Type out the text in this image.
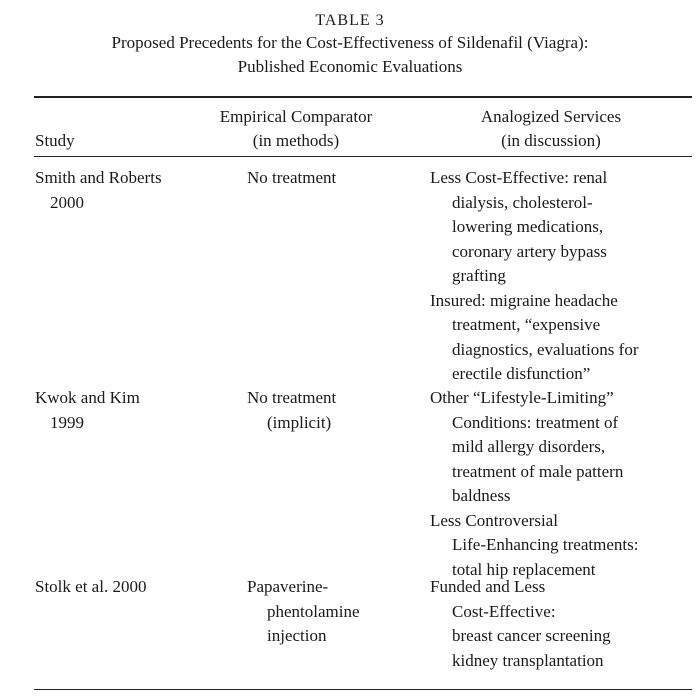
TABLE 3
Proposed Precedents for the Cost-Effectiveness of Sildenafil (Viagra):
Published Economic Evaluations
Study
Empirical Comparator
(in methods)
Analogized Services
(in discussion)
Smith and Roberts
2000
No treatment	Less Cost-Effective: renal
dialysis, cholesterol-
lowering medications,
coronary artery bypass
grafting
Insured: migraine headache
treatment, “expensive
diagnostics, evaluations for
erectile disfunction”
Kwok and Kim
1999
No treatment
(implicit)
Other “Lifestyle-Limiting”
Conditions: treatment of
mild allergy disorders,
treatment of male pattern
baldness
Less Controversial
Life-Enhancing treatments:
total hip replacement
Stolk et al. 2000	Papaverine-
phentolamine
injection
Funded and Less
Cost-Effective:
breast cancer screening
kidney transplantation
